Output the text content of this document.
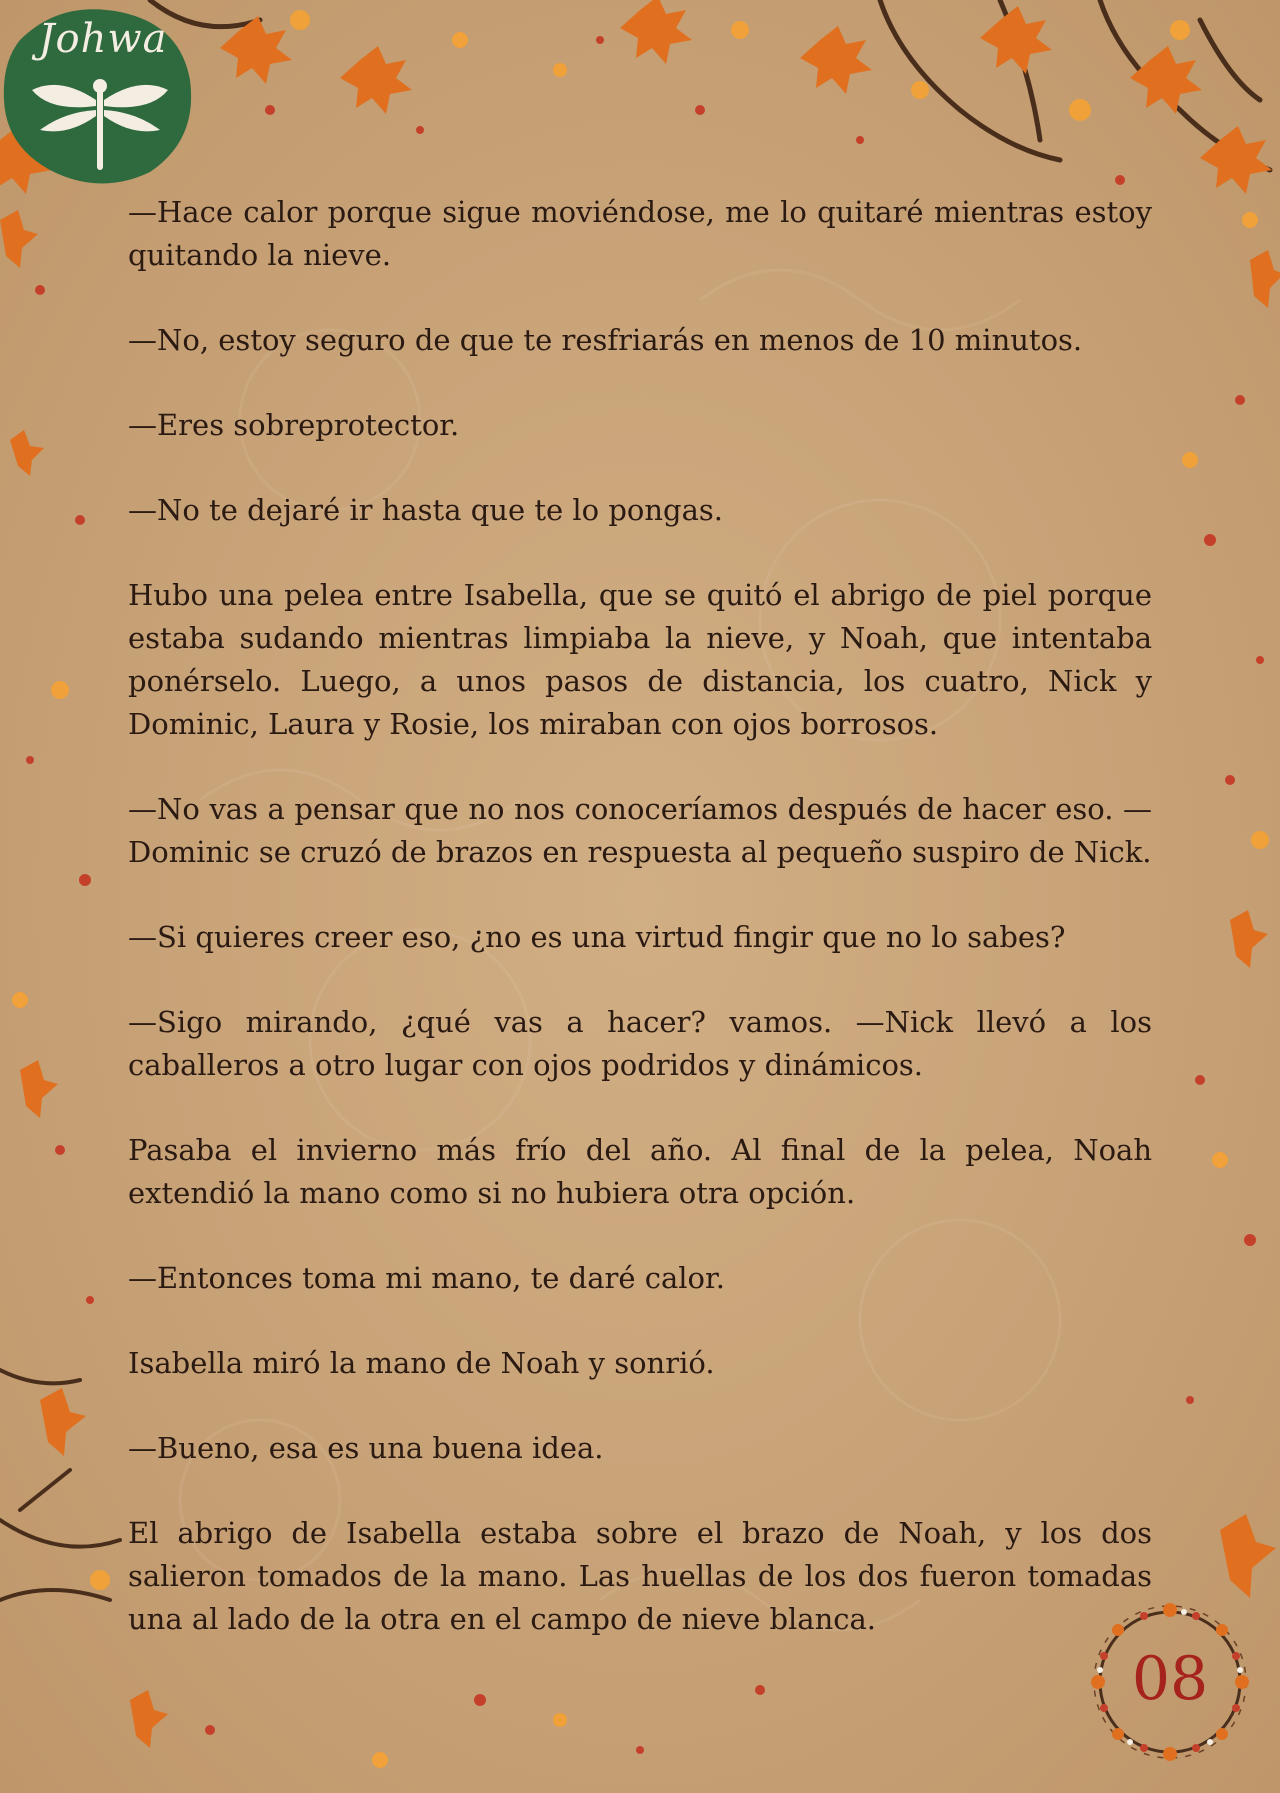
Johwa

—Hace calor porque sigue moviéndose, me lo quitaré mientras estoy quitando la nieve.

—No, estoy seguro de que te resfriarás en menos de 10 minutos.

—Eres sobreprotector.

—No te dejaré ir hasta que te lo pongas.

Hubo una pelea entre Isabella, que se quitó el abrigo de piel porque estaba sudando mientras limpiaba la nieve, y Noah, que intentaba ponérselo. Luego, a unos pasos de distancia, los cuatro, Nick y Dominic, Laura y Rosie, los miraban con ojos borrosos.

—No vas a pensar que no nos conoceríamos después de hacer eso. —Dominic se cruzó de brazos en respuesta al pequeño suspiro de Nick.

—Si quieres creer eso, ¿no es una virtud fingir que no lo sabes?

—Sigo mirando, ¿qué vas a hacer? vamos. —Nick llevó a los caballeros a otro lugar con ojos podridos y dinámicos.

Pasaba el invierno más frío del año. Al final de la pelea, Noah extendió la mano como si no hubiera otra opción.

—Entonces toma mi mano, te daré calor.

Isabella miró la mano de Noah y sonrió.

—Bueno, esa es una buena idea.

El abrigo de Isabella estaba sobre el brazo de Noah, y los dos salieron tomados de la mano. Las huellas de los dos fueron tomadas una al lado de la otra en el campo de nieve blanca.

08
